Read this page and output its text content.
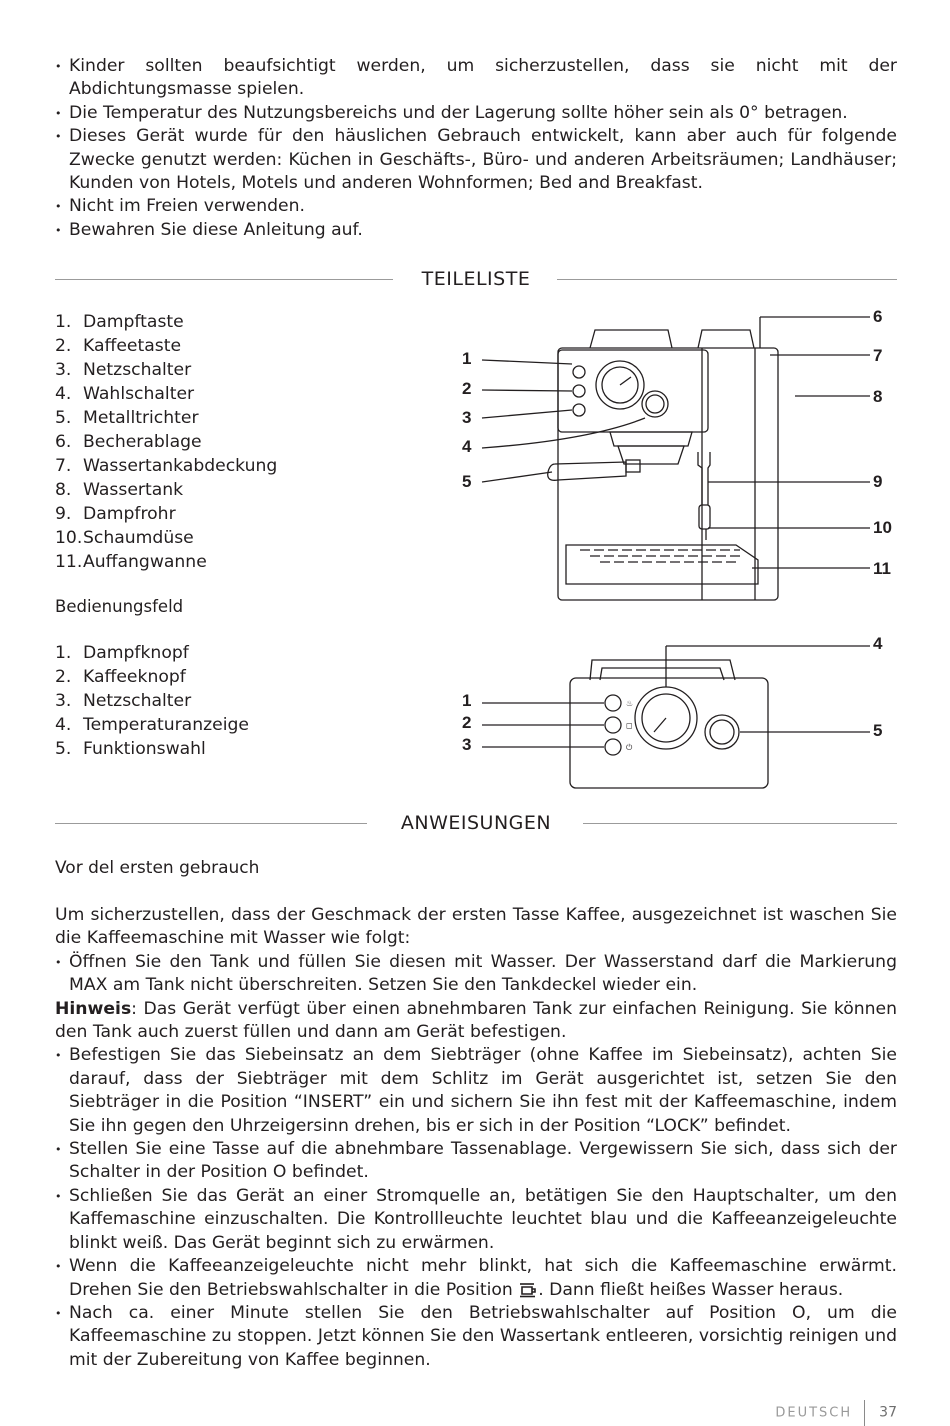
• Kinder sollten beaufsichtigt werden, um sicherzustellen, dass sie nicht mit der Abdichtungsmasse spielen.
• Die Temperatur des Nutzungsbereichs und der Lagerung sollte höher sein als 0° betragen.
• Dieses Gerät wurde für den häuslichen Gebrauch entwickelt, kann aber auch für folgende Zwecke genutzt werden: Küchen in Geschäfts-, Büro- und anderen Arbeitsräumen; Landhäuser; Kunden von Hotels, Motels und anderen Wohnformen; Bed and Breakfast.
• Nicht im Freien verwenden.
• Bewahren Sie diese Anleitung auf.
TEILELISTE
1. Dampftaste
2. Kaffeetaste
3. Netzschalter
4. Wahlschalter
5. Metalltrichter
6. Becherablage
7. Wassertankabdeckung
8. Wassertank
9. Dampfrohr
10.Schaumdüse
11.Auffangwanne
Bedienungsfeld
1. Dampfknopf
2. Kaffeeknopf
3. Netzschalter
4. Temperaturanzeige
5. Funktionswahl
1
2
3
4
5
6
7
8
9
10
11
♨
◻
⏻
1
2
3
4
5
ANWEISUNGEN
Vor del ersten gebrauch
Um sicherzustellen, dass der Geschmack der ersten Tasse Kaffee, ausgezeichnet ist waschen Sie die Kaffeemaschine mit Wasser wie folgt:
• Öffnen Sie den Tank und füllen Sie diesen mit Wasser. Der Wasserstand darf die Markierung MAX am Tank nicht überschreiten. Setzen Sie den Tankdeckel wieder ein.
Hinweis: Das Gerät verfügt über einen abnehmbaren Tank zur einfachen Reinigung. Sie können den Tank auch zuerst füllen und dann am Gerät befestigen.
• Befestigen Sie das Siebeinsatz an dem Siebträger (ohne Kaffee im Siebeinsatz), achten Sie darauf, dass der Siebträger mit dem Schlitz im Gerät ausgerichtet ist, setzen Sie den Siebträger in die Position “INSERT” ein und sichern Sie ihn fest mit der Kaffeemaschine, indem Sie ihn gegen den Uhrzeigersinn drehen, bis er sich in der Position “LOCK” befindet.
• Stellen Sie eine Tasse auf die abnehmbare Tassenablage. Vergewissern Sie sich, dass sich der Schalter in der Position O befindet.
• Schließen Sie das Gerät an einer Stromquelle an, betätigen Sie den Hauptschalter, um den Kaffemaschine einzuschalten. Die Kontrollleuchte leuchtet blau und die Kaffeeanzeigeleuchte blinkt weiß. Das Gerät beginnt sich zu erwärmen.
• Wenn die Kaffeeanzeigeleuchte nicht mehr blinkt, hat sich die Kaffeemaschine erwärmt. Drehen Sie den Betriebswahlschalter in die Position . Dann fließt heißes Wasser heraus.
• Nach ca. einer Minute stellen Sie den Betriebswahlschalter auf Position O, um die Kaffeemaschine zu stoppen. Jetzt können Sie den Wassertank entleeren, vorsichtig reinigen und mit der Zubereitung von Kaffee beginnen.
DEUTSCH 37
